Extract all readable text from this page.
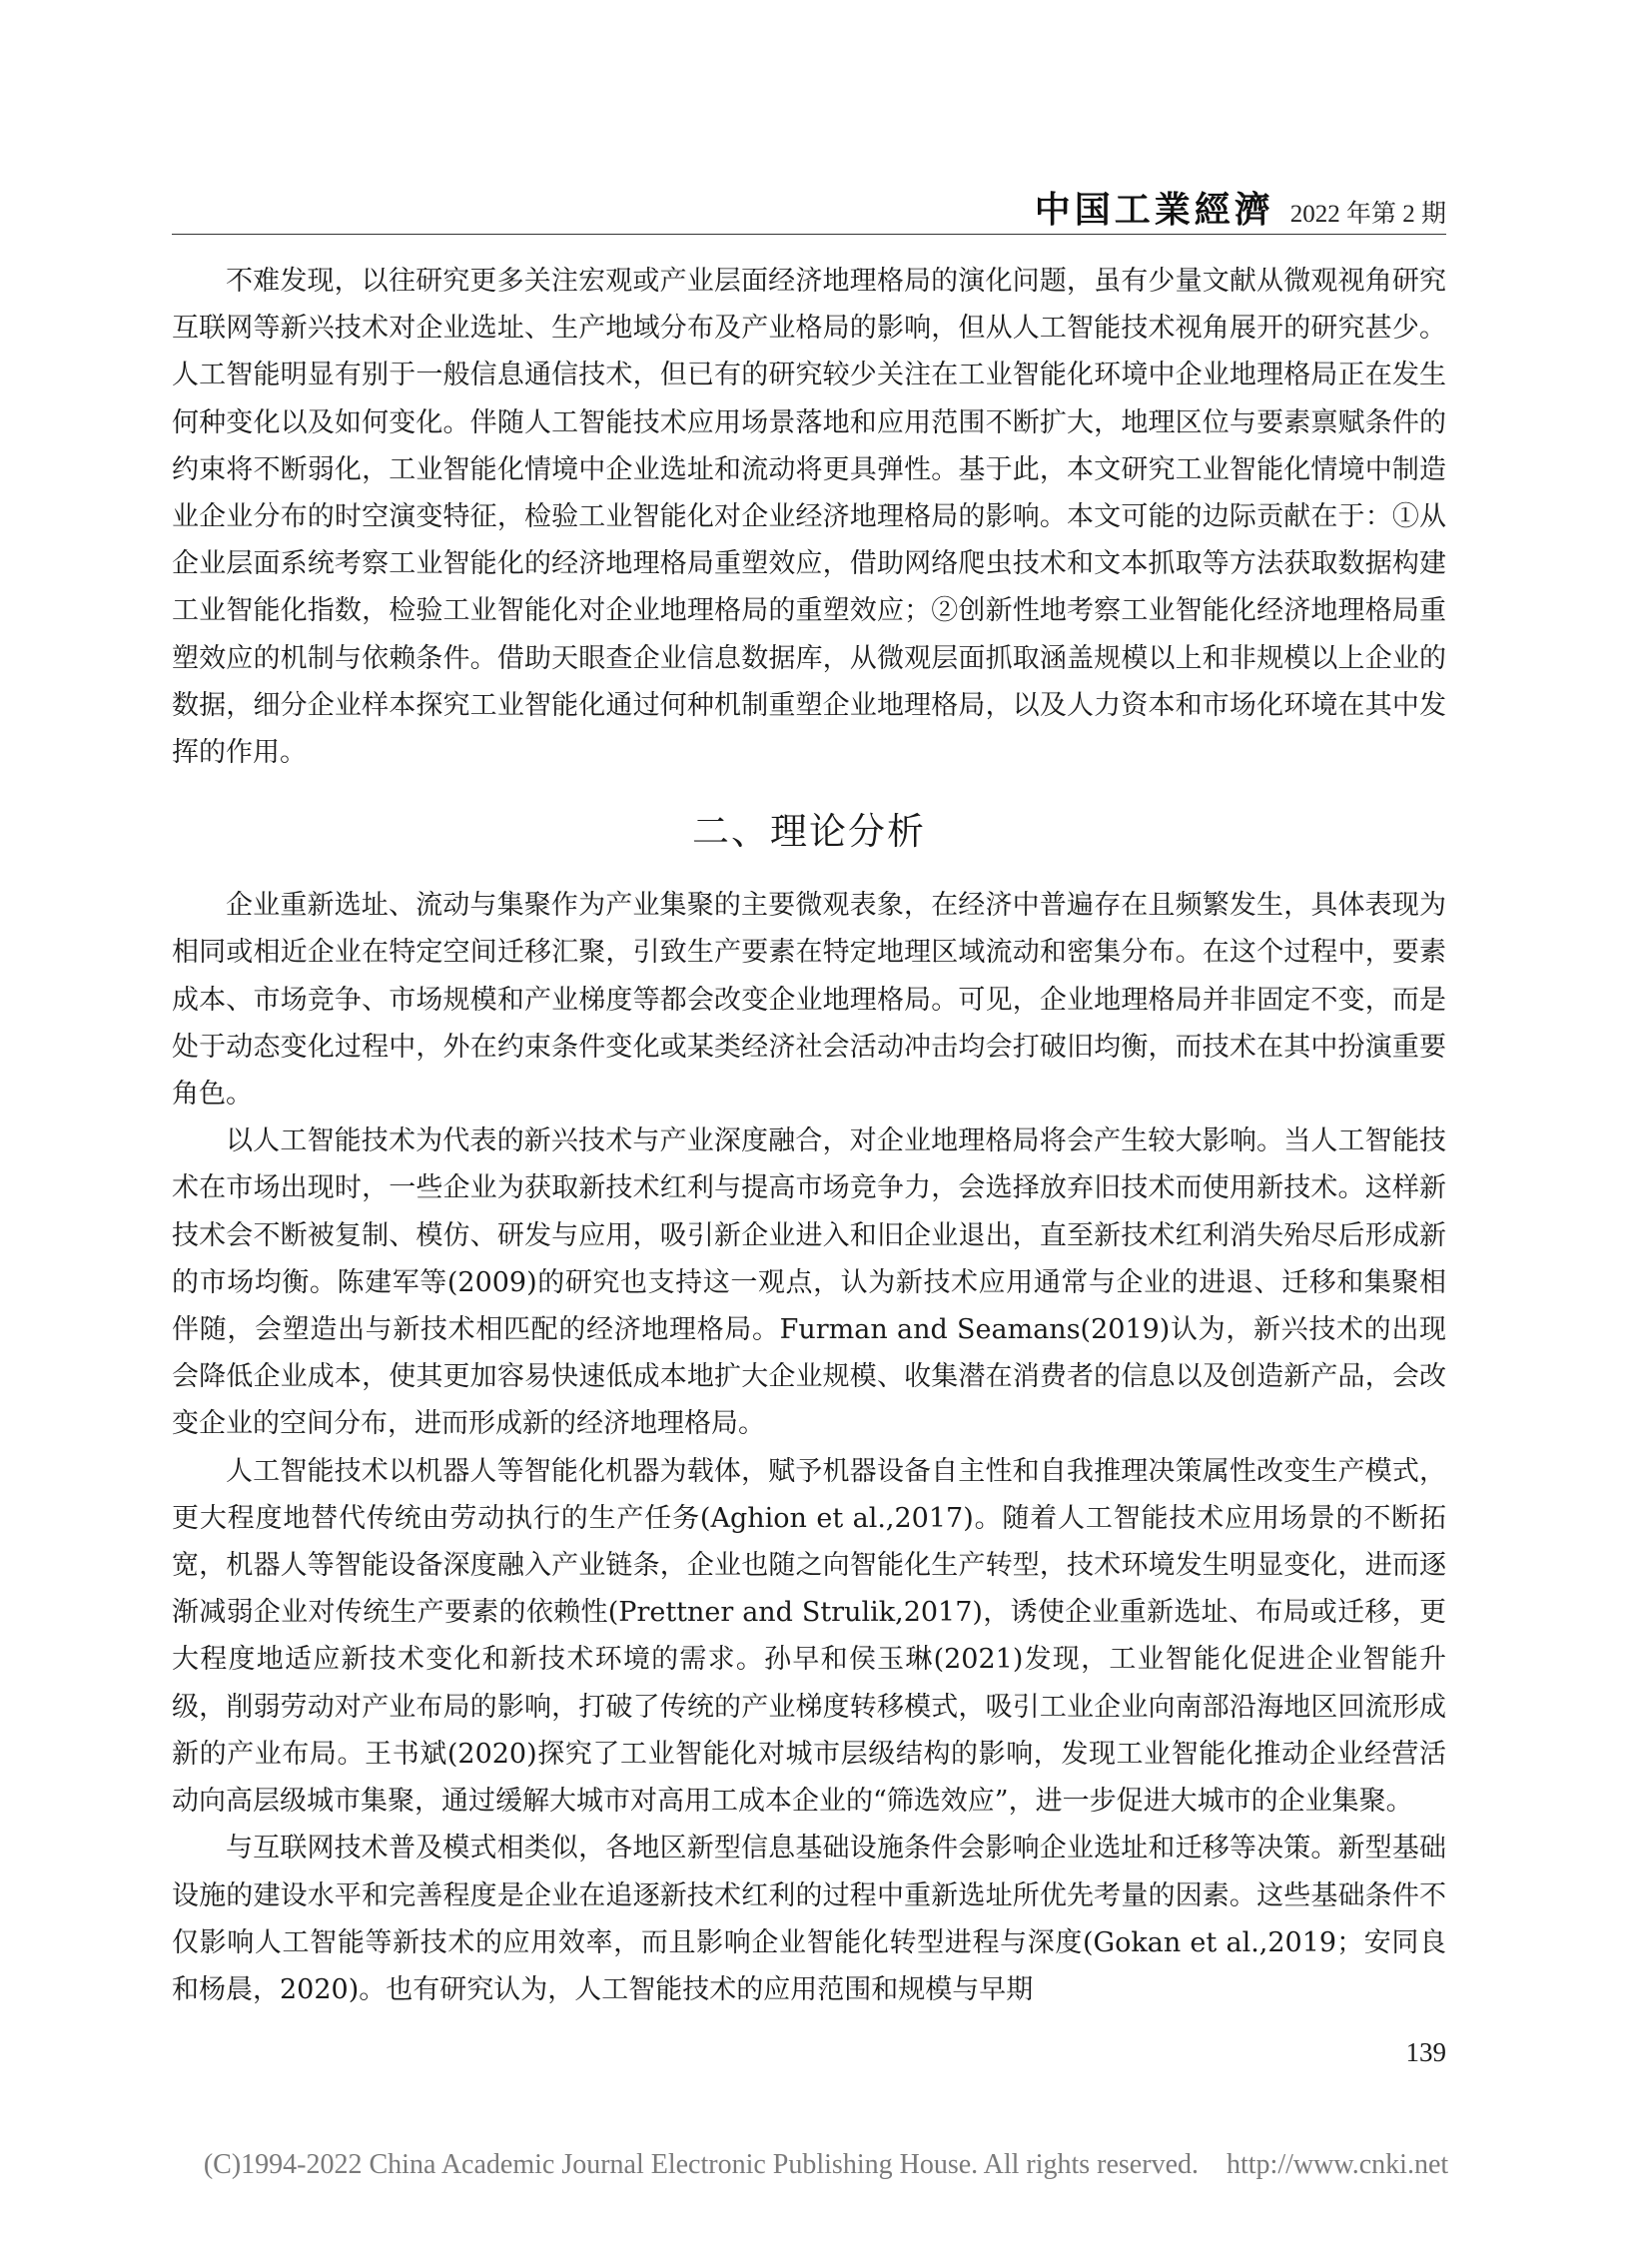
中国工業經濟 2022 年第 2 期

不难发现，以往研究更多关注宏观或产业层面经济地理格局的演化问题，虽有少量文献从微观视角研究互联网等新兴技术对企业选址、生产地域分布及产业格局的影响，但从人工智能技术视角展开的研究甚少。人工智能明显有别于一般信息通信技术，但已有的研究较少关注在工业智能化环境中企业地理格局正在发生何种变化以及如何变化。伴随人工智能技术应用场景落地和应用范围不断扩大，地理区位与要素禀赋条件的约束将不断弱化，工业智能化情境中企业选址和流动将更具弹性。基于此，本文研究工业智能化情境中制造业企业分布的时空演变特征，检验工业智能化对企业经济地理格局的影响。本文可能的边际贡献在于：①从企业层面系统考察工业智能化的经济地理格局重塑效应，借助网络爬虫技术和文本抓取等方法获取数据构建工业智能化指数，检验工业智能化对企业地理格局的重塑效应；②创新性地考察工业智能化经济地理格局重塑效应的机制与依赖条件。借助天眼查企业信息数据库，从微观层面抓取涵盖规模以上和非规模以上企业的数据，细分企业样本探究工业智能化通过何种机制重塑企业地理格局，以及人力资本和市场化环境在其中发挥的作用。

二、理论分析

企业重新选址、流动与集聚作为产业集聚的主要微观表象，在经济中普遍存在且频繁发生，具体表现为相同或相近企业在特定空间迁移汇聚，引致生产要素在特定地理区域流动和密集分布。在这个过程中，要素成本、市场竞争、市场规模和产业梯度等都会改变企业地理格局。可见，企业地理格局并非固定不变，而是处于动态变化过程中，外在约束条件变化或某类经济社会活动冲击均会打破旧均衡，而技术在其中扮演重要角色。

以人工智能技术为代表的新兴技术与产业深度融合，对企业地理格局将会产生较大影响。当人工智能技术在市场出现时，一些企业为获取新技术红利与提高市场竞争力，会选择放弃旧技术而使用新技术。这样新技术会不断被复制、模仿、研发与应用，吸引新企业进入和旧企业退出，直至新技术红利消失殆尽后形成新的市场均衡。陈建军等(2009)的研究也支持这一观点，认为新技术应用通常与企业的进退、迁移和集聚相伴随，会塑造出与新技术相匹配的经济地理格局。Furman and Seamans(2019)认为，新兴技术的出现会降低企业成本，使其更加容易快速低成本地扩大企业规模、收集潜在消费者的信息以及创造新产品，会改变企业的空间分布，进而形成新的经济地理格局。

人工智能技术以机器人等智能化机器为载体，赋予机器设备自主性和自我推理决策属性改变生产模式，更大程度地替代传统由劳动执行的生产任务(Aghion et al.,2017)。随着人工智能技术应用场景的不断拓宽，机器人等智能设备深度融入产业链条，企业也随之向智能化生产转型，技术环境发生明显变化，进而逐渐减弱企业对传统生产要素的依赖性(Prettner and Strulik,2017)，诱使企业重新选址、布局或迁移，更大程度地适应新技术变化和新技术环境的需求。孙早和侯玉琳(2021)发现，工业智能化促进企业智能升级，削弱劳动对产业布局的影响，打破了传统的产业梯度转移模式，吸引工业企业向南部沿海地区回流形成新的产业布局。王书斌(2020)探究了工业智能化对城市层级结构的影响，发现工业智能化推动企业经营活动向高层级城市集聚，通过缓解大城市对高用工成本企业的“筛选效应”，进一步促进大城市的企业集聚。

与互联网技术普及模式相类似，各地区新型信息基础设施条件会影响企业选址和迁移等决策。新型基础设施的建设水平和完善程度是企业在追逐新技术红利的过程中重新选址所优先考量的因素。这些基础条件不仅影响人工智能等新技术的应用效率，而且影响企业智能化转型进程与深度(Gokan et al.,2019；安同良和杨晨，2020)。也有研究认为，人工智能技术的应用范围和规模与早期

139
(C)1994-2022 China Academic Journal Electronic Publishing House. All rights reserved. http://www.cnki.net
